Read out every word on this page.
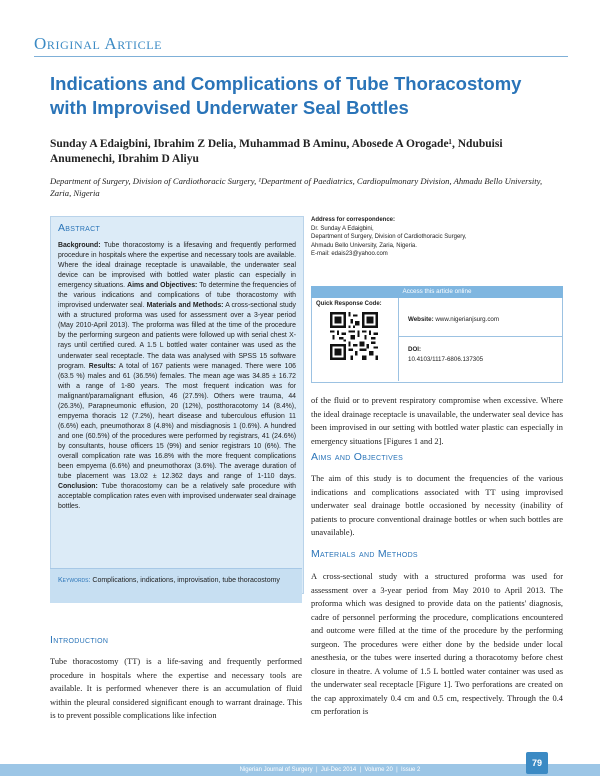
Original Article
Indications and Complications of Tube Thoracostomy with Improvised Underwater Seal Bottles
Sunday A Edaigbini, Ibrahim Z Delia, Muhammad B Aminu, Abosede A Orogade¹, Ndubuisi Anumenechi, Ibrahim D Aliyu
Department of Surgery, Division of Cardiothoracic Surgery, ¹Department of Paediatrics, Cardiopulmonary Division, Ahmadu Bello University, Zaria, Nigeria
Abstract
Background: Tube thoracostomy is a lifesaving and frequently performed procedure in hospitals where the expertise and necessary tools are available. Where the ideal drainage receptacle is unavailable, the underwater seal device can be improvised with bottled water plastic can especially in emergency situations. Aims and Objectives: To determine the frequencies of the various indications and complications of tube thoracostomy with improvised underwater seal. Materials and Methods: A cross-sectional study with a structured proforma was used for assessment over a 3-year period (May 2010-April 2013). The proforma was filled at the time of the procedure by the performing surgeon and patients were followed up with serial chest X-rays until certified cured. A 1.5 L bottled water container was used as the underwater seal receptacle. The data was analysed with SPSS 15 software program. Results: A total of 167 patients were managed. There were 106 (63.5 %) males and 61 (36.5%) females. The mean age was 34.85 ± 16.72 with a range of 1-80 years. The most frequent indication was for malignant/paramalignant effusion, 46 (27.5%). Others were trauma, 44 (26.3%), Parapneumonic effusion, 20 (12%), postthoracotomy 14 (8.4%), empyema thoracis 12 (7.2%), heart disease and tuberculous effusion 11 (6.6%) each, pneumothorax 8 (4.8%) and misdiagnosis 1 (0.6%). A hundred and one (60.5%) of the procedures were performed by registrars, 41 (24.6%) by consultants, house officers 15 (9%) and senior registrars 10 (6%). The overall complication rate was 16.8% with the more frequent complications been empyema (6.6%) and pneumothorax (3.6%). The average duration of tube placement was 13.02 ± 12.362 days and range of 1-110 days. Conclusion: Tube thoracostomy can be a relatively safe procedure with acceptable complication rates even with improvised underwater seal drainage bottles.
Keywords: Complications, indications, improvisation, tube thoracostomy
Address for correspondence:
Dr. Sunday A Edaigbini,
Department of Surgery, Division of Cardiothoracic Surgery,
Ahmadu Bello University, Zaria, Nigeria.
E-mail: edais23@yahoo.com
Access this article online
Quick Response Code:
Website: www.nigerianjsurg.com
DOI:
10.4103/1117-6806.137305
of the fluid or to prevent respiratory compromise when excessive. Where the ideal drainage receptacle is unavailable, the underwater seal device has been improvised in our setting with bottled water plastic can especially in emergency situations [Figures 1 and 2].
Aims and Objectives
The aim of this study is to document the frequencies of the various indications and complications associated with TT using improvised underwater seal drainage bottle occasioned by necessity (inability of patients to procure conventional drainage bottles or when such bottles are unavailable).
Materials and Methods
A cross-sectional study with a structured proforma was used for assessment over a 3-year period from May 2010 to April 2013. The proforma which was designed to provide data on the patients' diagnosis, cadre of personnel performing the procedure, complications encountered and outcome were filled at the time of the procedure by the performing surgeon. The procedures were either done by the bedside under local anesthesia, or the tubes were inserted during a thoracotomy before chest closure in theatre. A volume of 1.5 L bottled water container was used as the underwater seal receptacle [Figure 1]. Two perforations are created on the cap approximately 0.4 cm and 0.5 cm, respectively. Through the 0.4 cm perforation is
Introduction
Tube thoracostomy (TT) is a life-saving and frequently performed procedure in hospitals where the expertise and necessary tools are available. It is performed whenever there is an accumulation of fluid within the pleural considered significant enough to warrant drainage. This is to prevent possible complications like infection
Nigerian Journal of Surgery  |  Jul-Dec 2014  |  Volume 20  |  Issue 2
79
